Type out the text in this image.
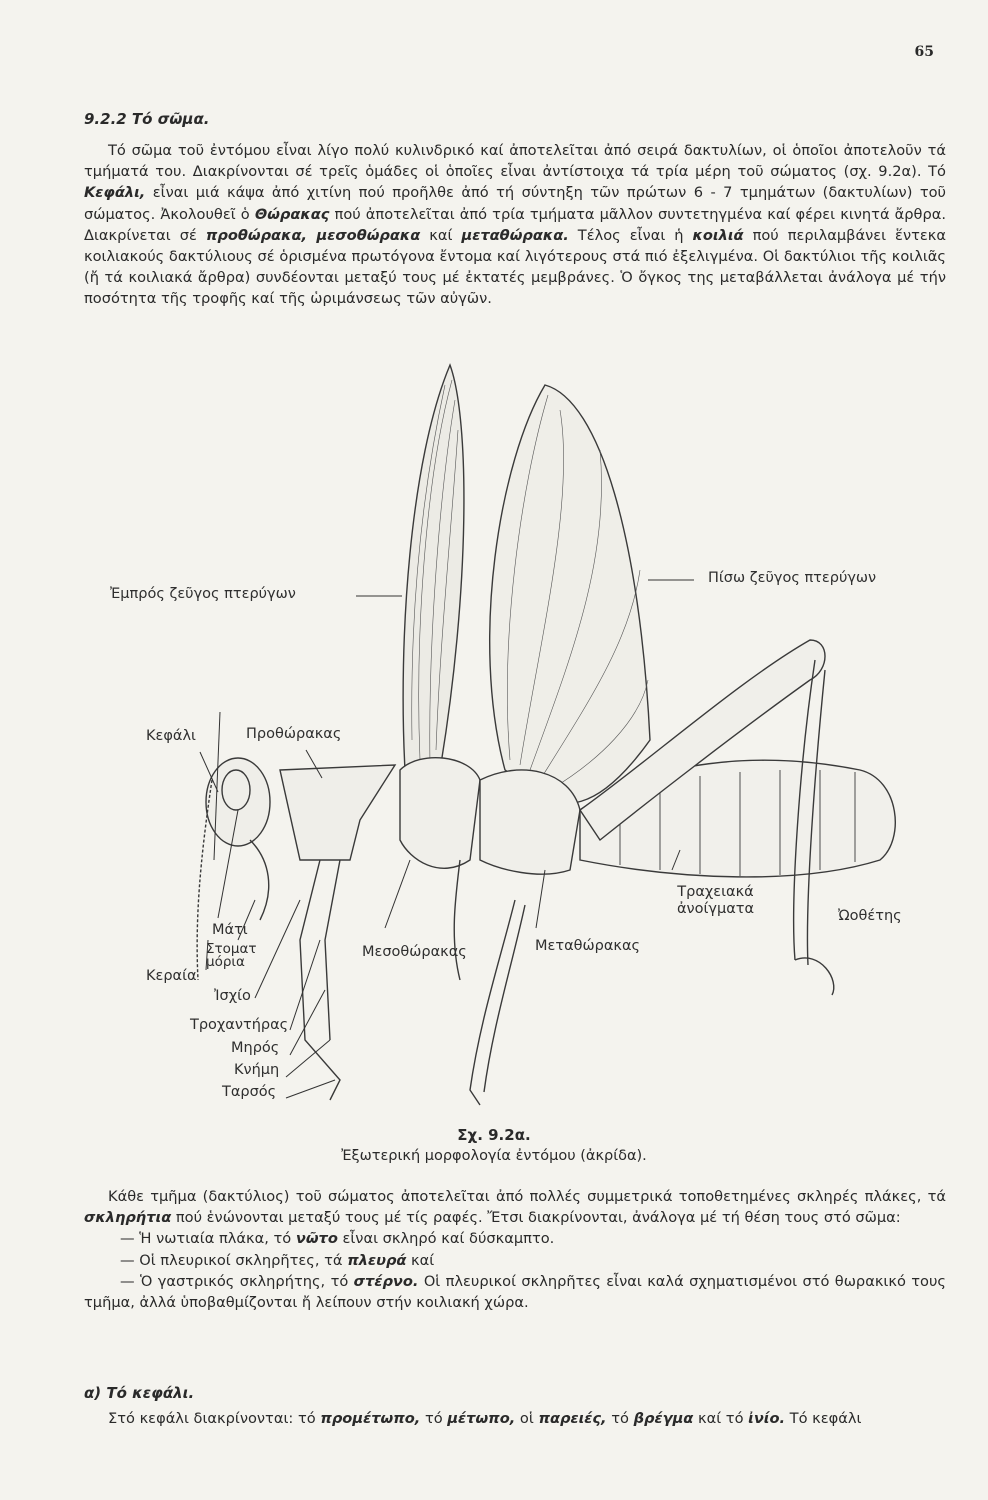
65
9.2.2 Τό σῶμα.

Τό σῶμα τοῦ ἐντόμου εἶναι λίγο πολύ κυλινδρικό καί ἀποτελεῖται ἀπό σειρά δακτυλίων, οἱ ὁποῖοι ἀποτελοῦν τά τμήματά του. Διακρίνονται σέ τρεῖς ὁμάδες οἱ ὁποῖες εἶναι ἀντίστοιχα τά τρία μέρη τοῦ σώματος (σχ. 9.2α). Τό Κεφάλι, εἶναι μιά κάψα ἀπό χιτίνη πού προῆλθε ἀπό τή σύντηξη τῶν πρώτων 6 - 7 τμημάτων (δακτυλίων) τοῦ σώματος. Ἀκολουθεῖ ὁ Θώρακας πού ἀποτελεῖται ἀπό τρία τμήματα μᾶλλον συντετηγμένα καί φέρει κινητά ἄρθρα. Διακρίνεται σέ προθώρακα, μεσοθώρακα καί μεταθώρακα. Τέλος εἶναι ἡ κοιλιά πού περιλαμβάνει ἕντεκα κοιλιακούς δακτύλιους σέ ὁρισμένα πρωτόγονα ἔντομα καί λιγότερους στά πιό ἐξελιγμένα. Οἱ δακτύλιοι τῆς κοιλιᾶς (ἤ τά κοιλιακά ἄρθρα) συνδέονται μεταξύ τους μέ ἐκτατές μεμβράνες. Ὁ ὄγκος της μεταβάλλεται ἀνάλογα μέ τήν ποσότητα τῆς τροφῆς καί τῆς ὡριμάνσεως τῶν αὐγῶν.

Ἐμπρός ζεῦγος πτερύγων
Πίσω ζεῦγος πτερύγων
Κεφάλι	Προθώρακας
Μάτι
Στοματ μόρια
Κεραία
Ἰσχίο
Τροχαντήρας
Μηρός
Κνήμη
Ταρσός
Μεσοθώρακας	Μεταθώρακας
Τραχειακά ἀνοίγματα	Ὠοθέτης
Σχ. 9.2α.
Ἐξωτερική μορφολογία ἐντόμου (ἀκρίδα).

Κάθε τμῆμα (δακτύλιος) τοῦ σώματος ἀποτελεῖται ἀπό πολλές συμμετρικά τοποθετημένες σκληρές πλάκες, τά σκληρήτια πού ἑνώνονται μεταξύ τους μέ τίς ραφές. Ἔτσι διακρίνονται, ἀνάλογα μέ τή θέση τους στό σῶμα:

— Ἡ νωτιαία πλάκα, τό νῶτο εἶναι σκληρό καί δύσκαμπτο.
— Οἱ πλευρικοί σκληρῆτες, τά πλευρά καί
— Ὁ γαστρικός σκληρήτης, τό στέρνο. Οἱ πλευρικοί σκληρῆτες εἶναι καλά σχηματισμένοι στό θωρακικό τους τμῆμα, ἀλλά ὑποβαθμίζονται ἤ λείπουν στήν κοιλιακή χώρα.
α) Τό κεφάλι.

Στό κεφάλι διακρίνονται: τό προμέτωπο, τό μέτωπο, οἱ παρειές, τό βρέγμα καί τό ἰνίο. Τό κεφάλι
